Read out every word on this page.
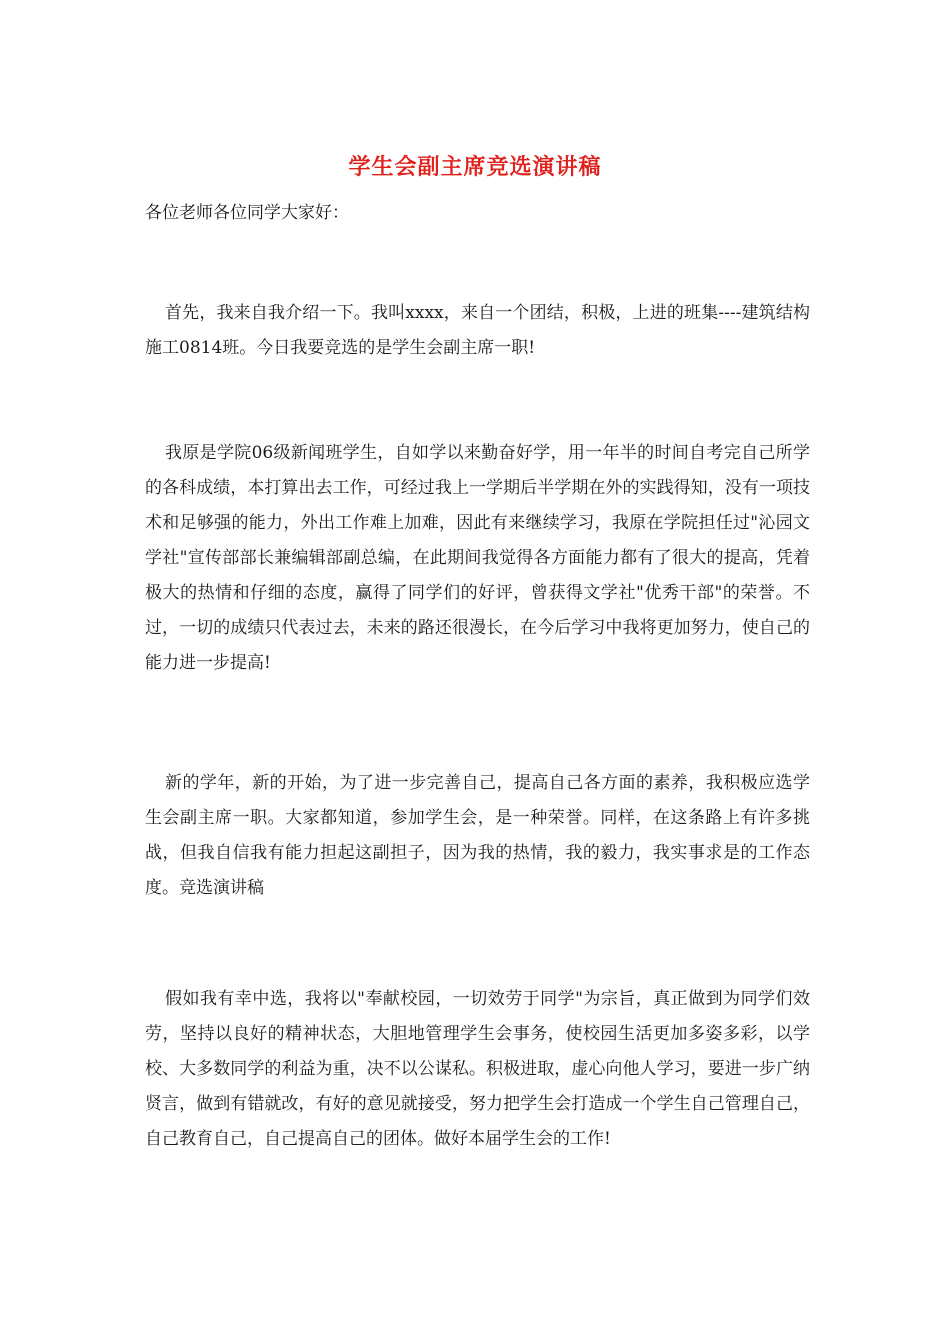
学生会副主席竞选演讲稿
各位老师各位同学大家好：

首先，我来自我介绍一下。我叫xxxx，来自一个团结，积极，上进的班集----建筑结构施工0814班。今日我要竞选的是学生会副主席一职!

我原是学院06级新闻班学生，自如学以来勤奋好学，用一年半的时间自考完自己所学的各科成绩，本打算出去工作，可经过我上一学期后半学期在外的实践得知，没有一项技术和足够强的能力，外出工作难上加难，因此有来继续学习，我原在学院担任过"沁园文学社"宣传部部长兼编辑部副总编，在此期间我觉得各方面能力都有了很大的提高，凭着极大的热情和仔细的态度，赢得了同学们的好评，曾获得文学社"优秀干部"的荣誉。不过，一切的成绩只代表过去，未来的路还很漫长，在今后学习中我将更加努力，使自己的能力进一步提高!

新的学年，新的开始，为了进一步完善自己，提高自己各方面的素养，我积极应选学生会副主席一职。大家都知道，参加学生会，是一种荣誉。同样，在这条路上有许多挑战，但我自信我有能力担起这副担子，因为我的热情，我的毅力，我实事求是的工作态度。竞选演讲稿

假如我有幸中选，我将以"奉献校园，一切效劳于同学"为宗旨，真正做到为同学们效劳，坚持以良好的精神状态，大胆地管理学生会事务，使校园生活更加多姿多彩，以学校、大多数同学的利益为重，决不以公谋私。积极进取，虚心向他人学习，要进一步广纳贤言，做到有错就改，有好的意见就接受，努力把学生会打造成一个学生自己管理自己，自己教育自己，自己提高自己的团体。做好本届学生会的工作!
